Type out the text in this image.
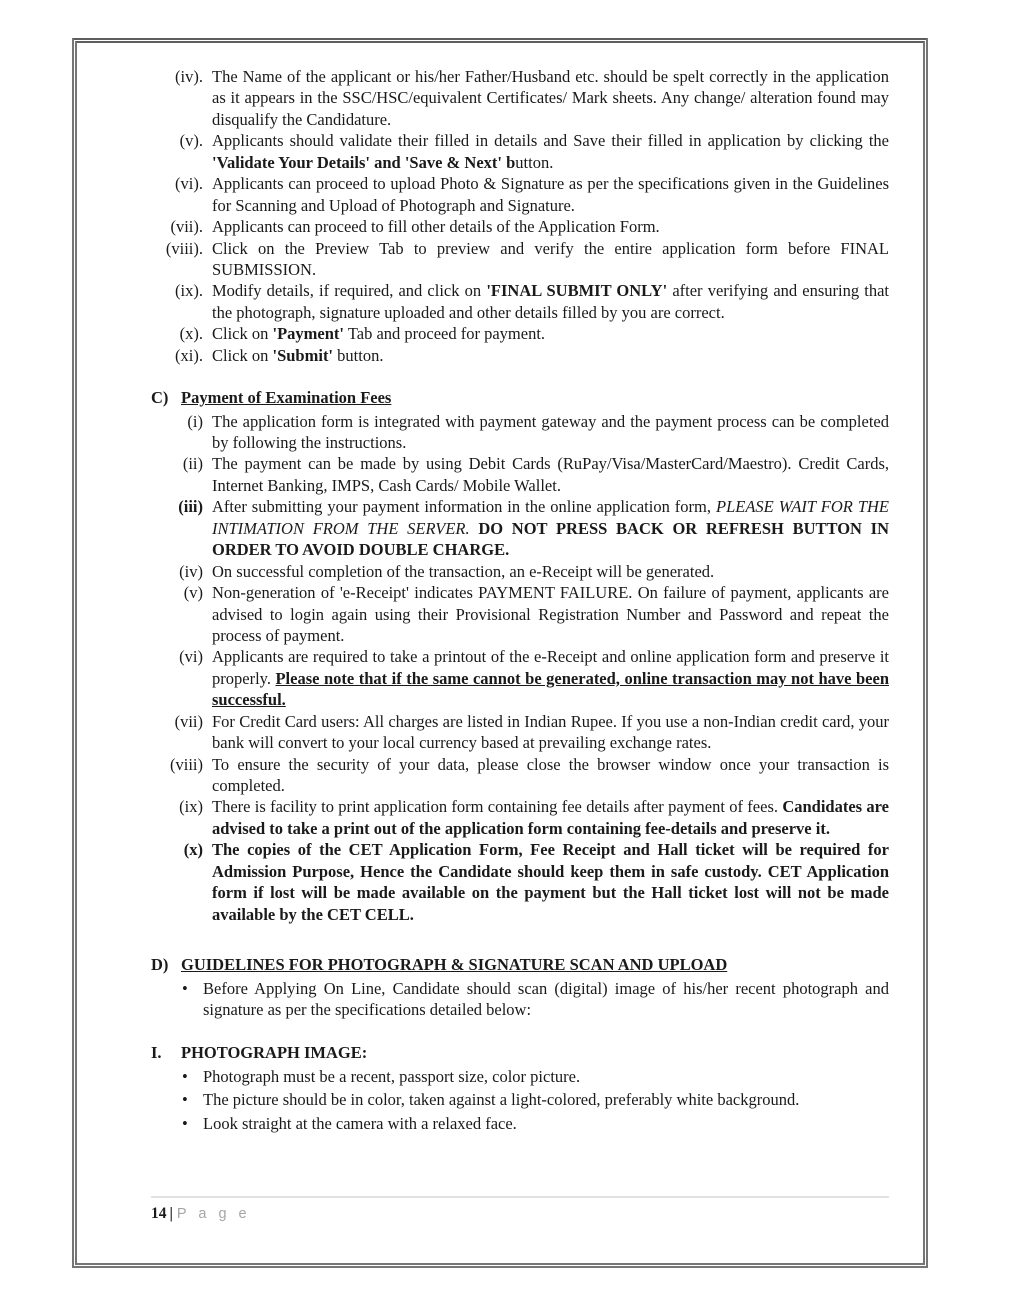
(iv). The Name of the applicant or his/her Father/Husband etc. should be spelt correctly in the application as it appears in the SSC/HSC/equivalent Certificates/ Mark sheets. Any change/ alteration found may disqualify the Candidature.

(v). Applicants should validate their filled in details and Save their filled in application by clicking the 'Validate Your Details' and 'Save & Next' button.

(vi). Applicants can proceed to upload Photo & Signature as per the specifications given in the Guidelines for Scanning and Upload of Photograph and Signature.

(vii). Applicants can proceed to fill other details of the Application Form.

(viii). Click on the Preview Tab to preview and verify the entire application form before FINAL SUBMISSION.

(ix). Modify details, if required, and click on 'FINAL SUBMIT ONLY' after verifying and ensuring that the photograph, signature uploaded and other details filled by you are correct.

(x). Click on 'Payment' Tab and proceed for payment.

(xi). Click on 'Submit' button.

C) Payment of Examination Fees
(i) The application form is integrated with payment gateway and the payment process can be completed by following the instructions.

(ii) The payment can be made by using Debit Cards (RuPay/Visa/MasterCard/Maestro). Credit Cards, Internet Banking, IMPS, Cash Cards/ Mobile Wallet.

(iii) After submitting your payment information in the online application form, PLEASE WAIT FOR THE INTIMATION FROM THE SERVER. DO NOT PRESS BACK OR REFRESH BUTTON IN ORDER TO AVOID DOUBLE CHARGE.

(iv) On successful completion of the transaction, an e-Receipt will be generated.

(v) Non-generation of 'e-Receipt' indicates PAYMENT FAILURE. On failure of payment, applicants are advised to login again using their Provisional Registration Number and Password and repeat the process of payment.

(vi) Applicants are required to take a printout of the e-Receipt and online application form and preserve it properly. Please note that if the same cannot be generated, online transaction may not have been successful.

(vii) For Credit Card users: All charges are listed in Indian Rupee. If you use a non-Indian credit card, your bank will convert to your local currency based at prevailing exchange rates.

(viii) To ensure the security of your data, please close the browser window once your transaction is completed.

(ix) There is facility to print application form containing fee details after payment of fees. Candidates are advised to take a print out of the application form containing fee-details and preserve it.

(x) The copies of the CET Application Form, Fee Receipt and Hall ticket will be required for Admission Purpose, Hence the Candidate should keep them in safe custody. CET Application form if lost will be made available on the payment but the Hall ticket lost will not be made available by the CET CELL.

D) GUIDELINES FOR PHOTOGRAPH & SIGNATURE SCAN AND UPLOAD
• Before Applying On Line, Candidate should scan (digital) image of his/her recent photograph and signature as per the specifications detailed below:

I.	PHOTOGRAPH IMAGE:
• Photograph must be a recent, passport size, color picture.

• The picture should be in color, taken against a light-colored, preferably white background.

• Look straight at the camera with a relaxed face.

14 | P a g e
